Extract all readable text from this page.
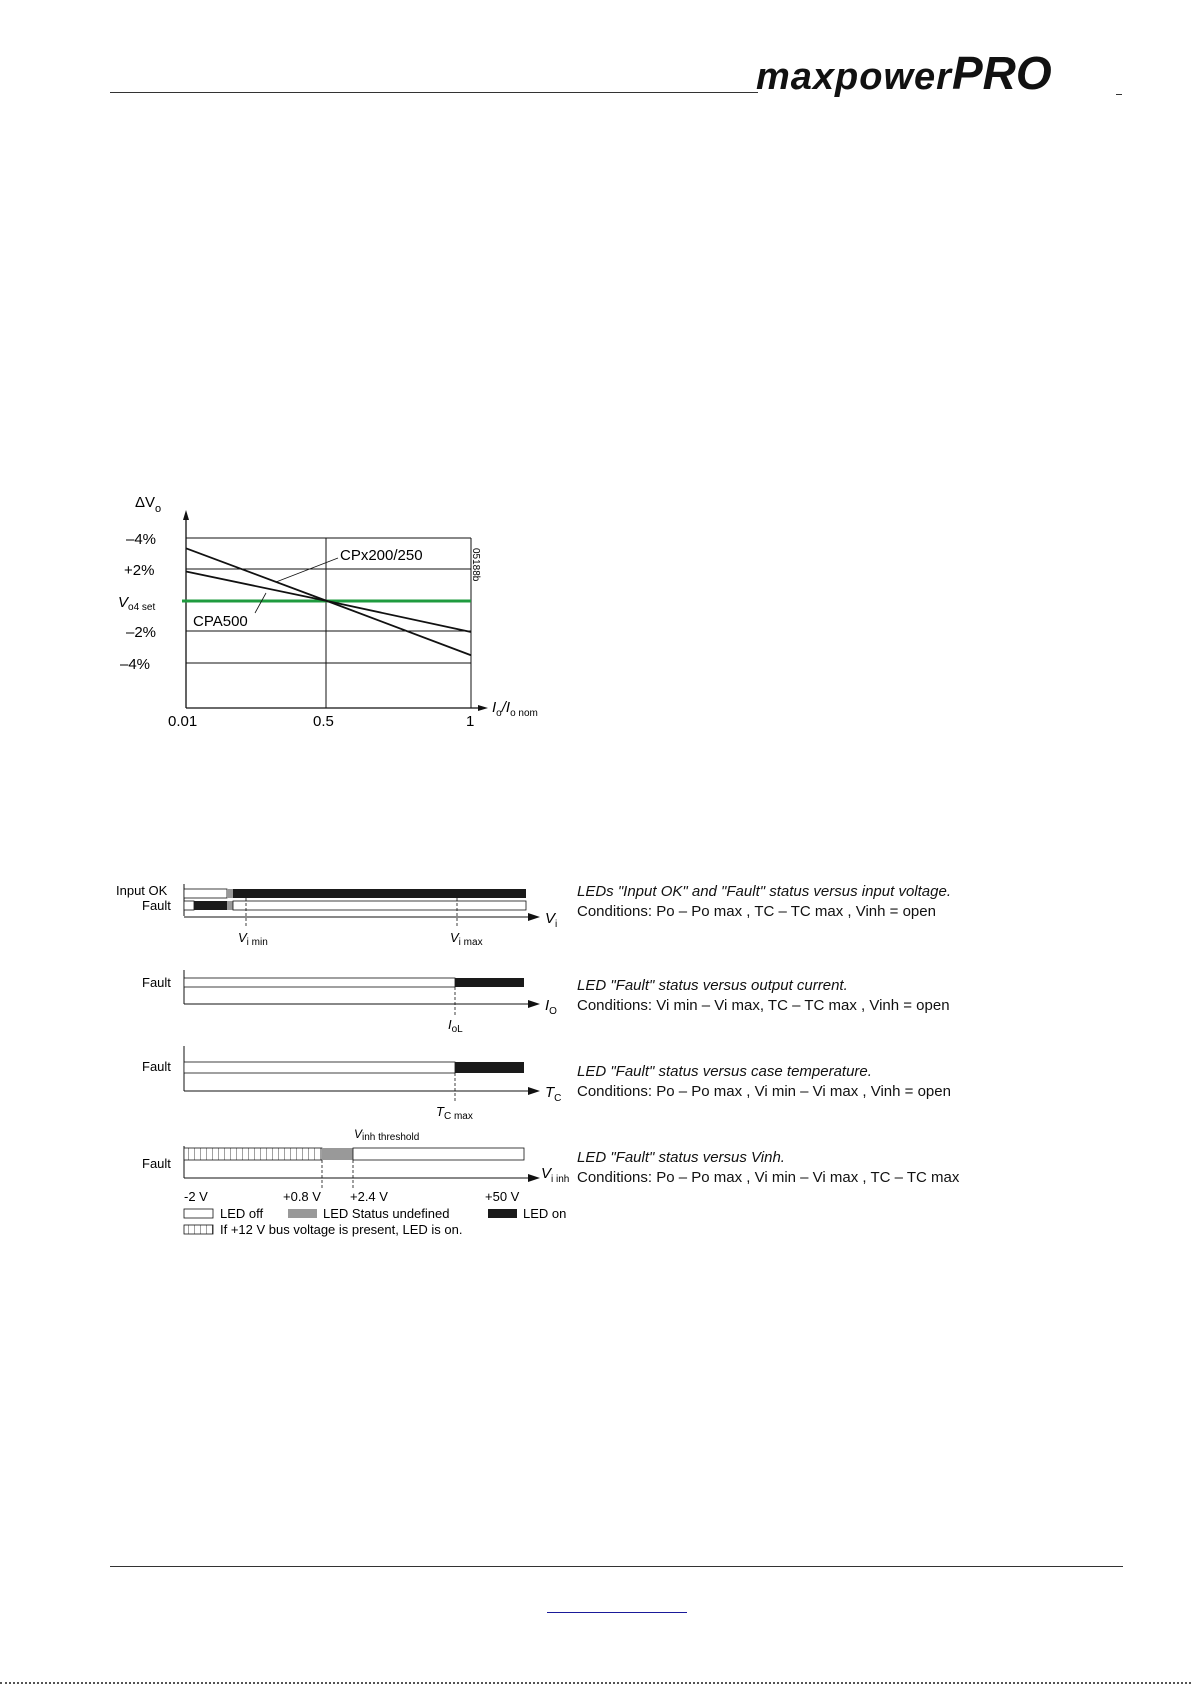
maxpowerPRO
$\Delta V_o$
–4%
+2%
$V_{o4 set}$
–2%
–4%
0.01	0.5	1
$I_o/I_{o nom}$
CPx200/250
CPA500
05188b
Input OK
Fault
$V_i$
$V_{i min}$	$V_{i max}$
LEDs "Input OK" and "Fault" status versus input voltage.
Conditions: Po – Po max , TC – TC max , Vinh = open
Fault
$I_O$
$I_{oL}$
LED "Fault" status versus output current.
Conditions: Vi min – Vi max, TC – TC max , Vinh = open
Fault
$T_C$
$T_{C max}$
LED "Fault" status versus case temperature.
Conditions: Po – Po max , Vi min – Vi max , Vinh = open
Vinh threshold
Fault
$V_{i inh}$
-2 V	+0.8 V +2.4 V	+50 V
LED off	LED Status undefined	LED on
If +12 V bus voltage is present, LED is on.
LED "Fault" status versus Vinh.
Conditions: Po – Po max , Vi min – Vi max , TC – TC max
